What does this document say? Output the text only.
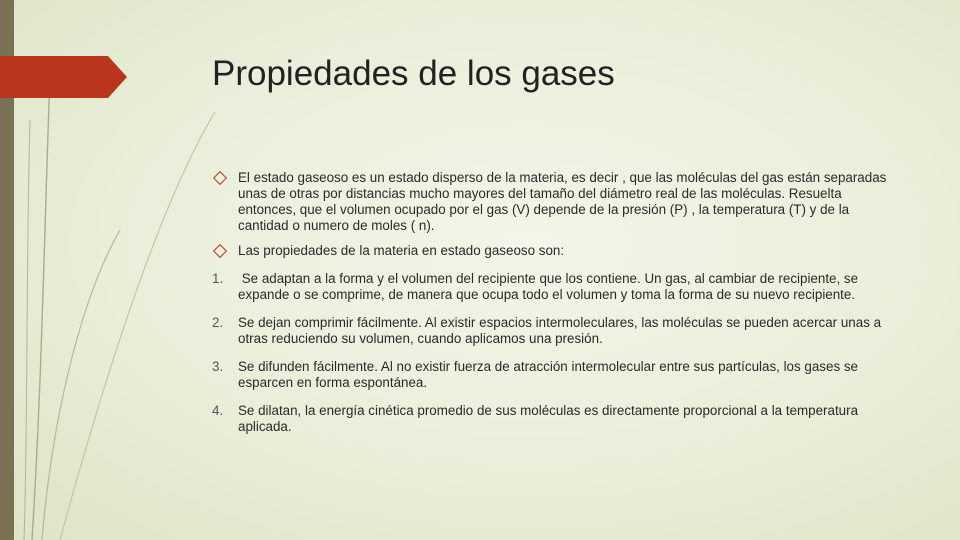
Propiedades de los gases
El estado gaseoso es un estado disperso de la materia, es decir , que las moléculas del gas están separadas unas de otras por distancias mucho mayores del tamaño del diámetro real de las moléculas. Resuelta entonces, que el volumen ocupado por el gas (V) depende de la presión (P) , la temperatura (T) y de la cantidad o numero de moles ( n).
Las propiedades de la materia en estado gaseoso son:
1.	Se adaptan a la forma y el volumen del recipiente que los contiene. Un gas, al cambiar de recipiente, se expande o se comprime, de manera que ocupa todo el volumen y toma la forma de su nuevo recipiente.
2.	Se dejan comprimir fácilmente. Al existir espacios intermoleculares, las moléculas se pueden acercar unas a otras reduciendo su volumen, cuando aplicamos una presión.
3.	Se difunden fácilmente. Al no existir fuerza de atracción intermolecular entre sus partículas, los gases se esparcen en forma espontánea.
4.	Se dilatan, la energía cinética promedio de sus moléculas es directamente proporcional a la temperatura aplicada.
